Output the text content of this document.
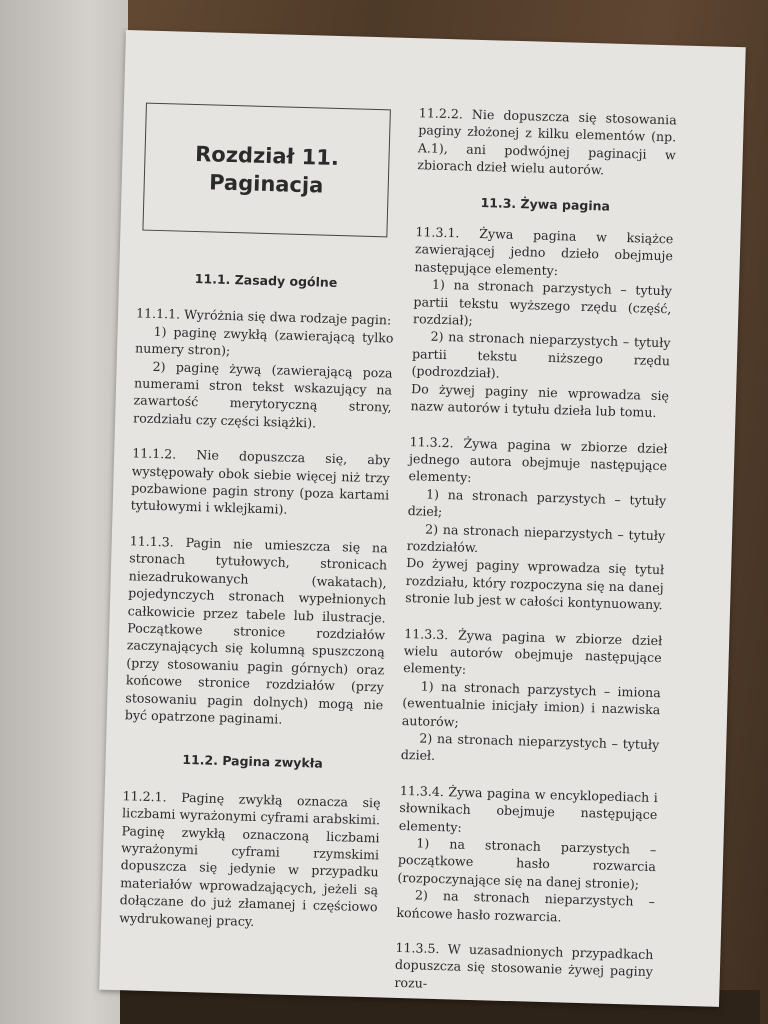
Rozdział 11.
Paginacja

11.1. Zasady ogólne

11.1.1. Wyróżnia się dwa rodzaje pagin:

1) paginę zwykłą (zawierającą tylko numery stron);

2) paginę żywą (zawierającą poza numerami stron tekst wskazujący na zawartość merytoryczną strony, rozdziału czy części książki).

11.1.2. Nie dopuszcza się, aby występowały obok siebie więcej niż trzy pozbawione pagin strony (poza kartami tytułowymi i wklejkami).

11.1.3. Pagin nie umieszcza się na stronach tytułowych, stronicach niezadrukowanych (wakatach), pojedynczych stronach wypełnionych całkowicie przez tabele lub ilustracje. Początkowe stronice rozdziałów zaczynających się kolumną spuszczoną (przy stosowaniu pagin górnych) oraz końcowe stronice rozdziałów (przy stosowaniu pagin dolnych) mogą nie być opatrzone paginami.

11.2. Pagina zwykła

11.2.1. Paginę zwykłą oznacza się liczbami wyrażonymi cyframi arabskimi. Paginę zwykłą oznaczoną liczbami wyrażonymi cyframi rzymskimi dopuszcza się jedynie w przypadku materiałów wprowadzających, jeżeli są dołączane do już złamanej i częściowo wydrukowanej pracy.

11.2.2. Nie dopuszcza się stosowania paginy złożonej z kilku elementów (np. A.1), ani podwójnej paginacji w zbiorach dzieł wielu autorów.

11.3. Żywa pagina

11.3.1. Żywa pagina w książce zawierającej jedno dzieło obejmuje następujące elementy:

1) na stronach parzystych – tytuły partii tekstu wyższego rzędu (część, rozdział);

2) na stronach nieparzystych – tytuły partii tekstu niższego rzędu (podrozdział).

Do żywej paginy nie wprowadza się nazw autorów i tytułu dzieła lub tomu.

11.3.2. Żywa pagina w zbiorze dzieł jednego autora obejmuje następujące elementy:

1) na stronach parzystych – tytuły dzieł;

2) na stronach nieparzystych – tytuły rozdziałów.

Do żywej paginy wprowadza się tytuł rozdziału, który rozpoczyna się na danej stronie lub jest w całości kontynuowany.

11.3.3. Żywa pagina w zbiorze dzieł wielu autorów obejmuje następujące elementy:

1) na stronach parzystych – imiona (ewentualnie inicjały imion) i nazwiska autorów;

2) na stronach nieparzystych – tytuły dzieł.

11.3.4. Żywa pagina w encyklopediach i słownikach obejmuje następujące elementy:

1) na stronach parzystych – początkowe hasło rozwarcia (rozpoczynające się na danej stronie);

2) na stronach nieparzystych – końcowe hasło rozwarcia.

11.3.5. W uzasadnionych przypadkach dopuszcza się stosowanie żywej paginy rozu-
